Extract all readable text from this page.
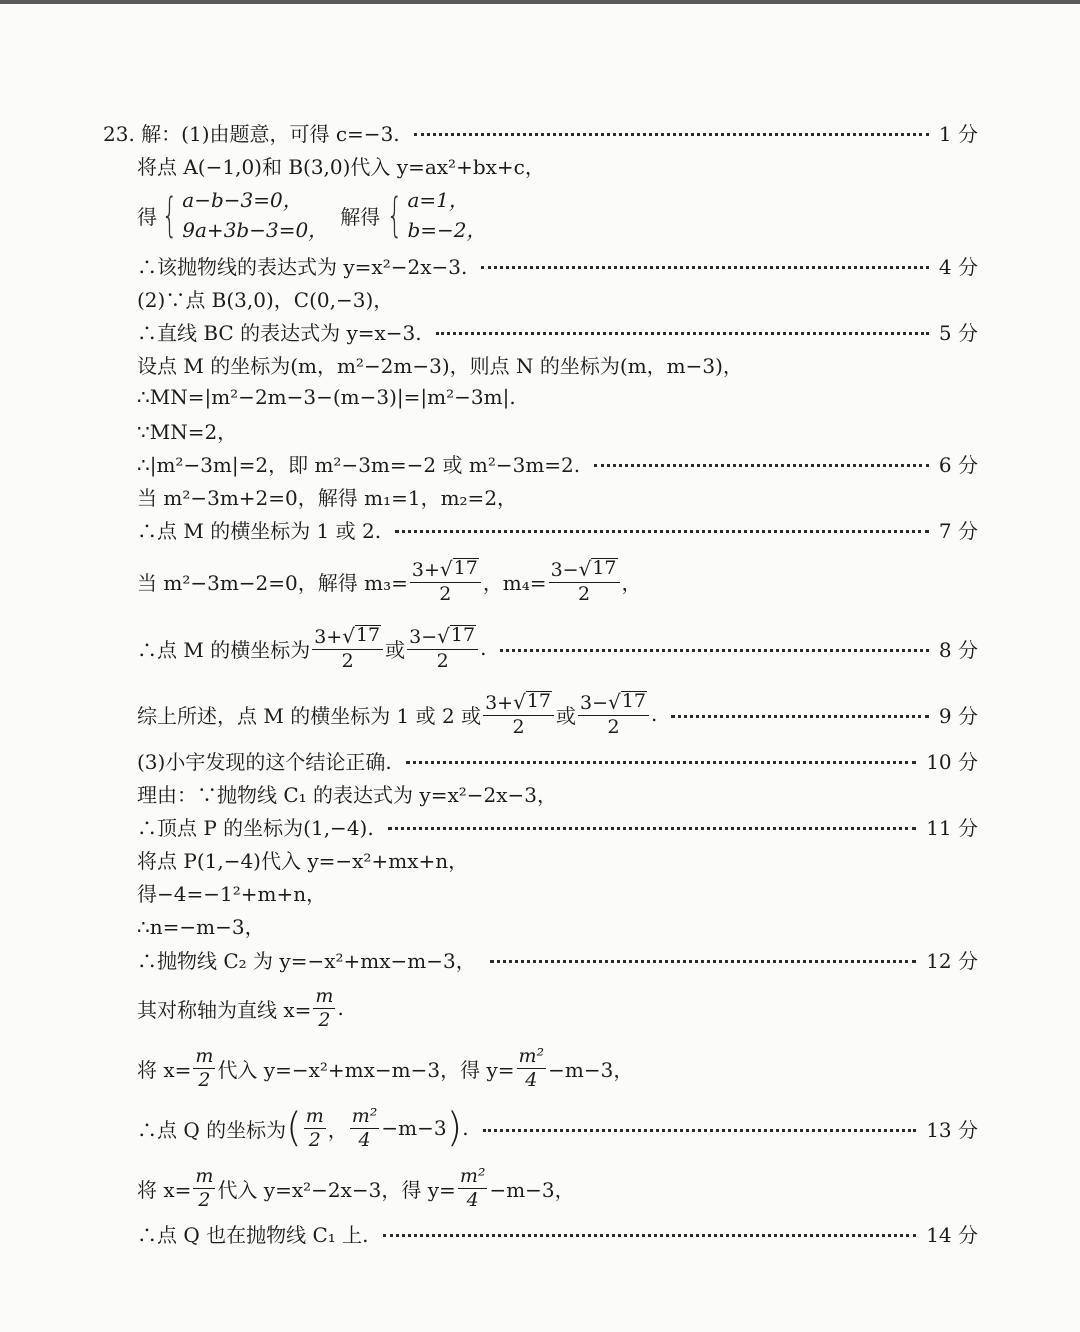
23. 解：(1)由题意，可得 c=−3.	1 分
将点 A(−1,0)和 B(3,0)代入 y=ax²+bx+c，
得 { a−b−3=0，
9a+3b−3=0，
解得 { a=1，
b=−2，
∴该抛物线的表达式为 y=x²−2x−3.	4 分
(2)∵点 B(3,0)，C(0,−3)，
∴直线 BC 的表达式为 y=x−3.	5 分
设点 M 的坐标为(m，m²−2m−3)，则点 N 的坐标为(m，m−3)，
∴MN=|m²−2m−3−(m−3)|=|m²−3m|.
∵MN=2，
∴|m²−3m|=2，即 m²−3m=−2 或 m²−3m=2.	6 分
当 m²−3m+2=0，解得 m₁=1，m₂=2，
∴点 M 的横坐标为 1 或 2.	7 分
当 m²−3m−2=0，解得 $m_3= \frac{3+ √ 17}{2}$ ，$m_4= \frac{3- √ 17}{2}$ ，
∴点 M 的横坐标为 $\frac{3+ √ 17}{2}$ 或 $\frac{3- √ 17}{2}$ .	8 分
综上所述，点 M 的横坐标为 1 或 2 或 $\frac{3+ √ 17}{2}$ 或 $\frac{3- √ 17}{2}$ .	9 分
(3)小宇发现的这个结论正确.	10 分
理由：∵抛物线 C₁ 的表达式为 y=x²−2x−3，
∴顶点 P 的坐标为(1,−4).	11 分
将点 P(1,−4)代入 y=−x²+mx+n，
得−4=−1²+m+n，
∴n=−m−3，
∴抛物线 C₂ 为 y=−x²+mx−m−3，	12 分
其对称轴为直线 $x= \frac{m}{2}$ .
将 $x= \frac{m}{2}$ 代入 y=−x²+mx−m−3，得 $y= \frac{\text{m²}}{4} -m-3$，
∴点 Q 的坐标为 ( $\frac{m}{2}$ ， $\frac{\text{m²}}{4} -m-3$ ) .	13 分
将 $x= \frac{m}{2}$ 代入 y=x²−2x−3，得 $y= \frac{\text{m²}}{4} -m-3$，
∴点 Q 也在抛物线 C₁ 上.	14 分
